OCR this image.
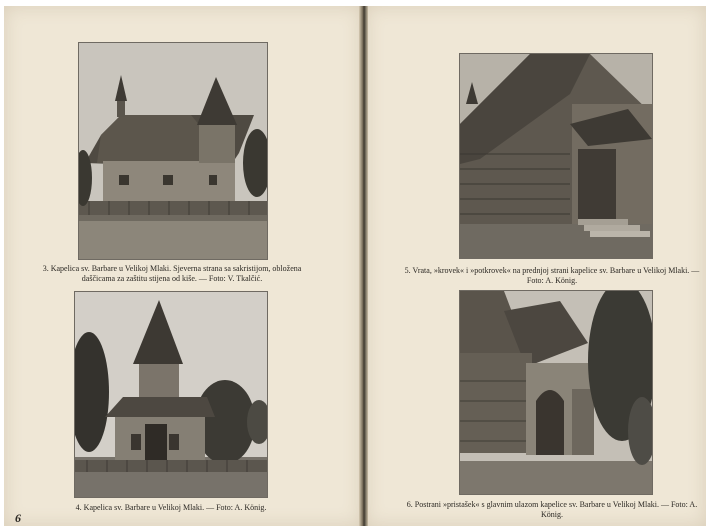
3. Kapelica sv. Barbare u Velikoj Mlaki. Sjeverna strana sa sakristijom, obložena daščicama za zaštitu stijena od kiše. — Foto: V. Tkalčić.
4. Kapelica sv. Barbare u Velikoj Mlaki. — Foto: A. König.
6
5. Vrata, »krovek« i »potkrovek« na prednjoj strani kapelice sv. Barbare u Velikoj Mlaki. — Foto: A. König.
6. Postrani »pristašek« s glavnim ulazom kapelice sv. Barbare u Velikoj Mlaki. — Foto: A. König.
